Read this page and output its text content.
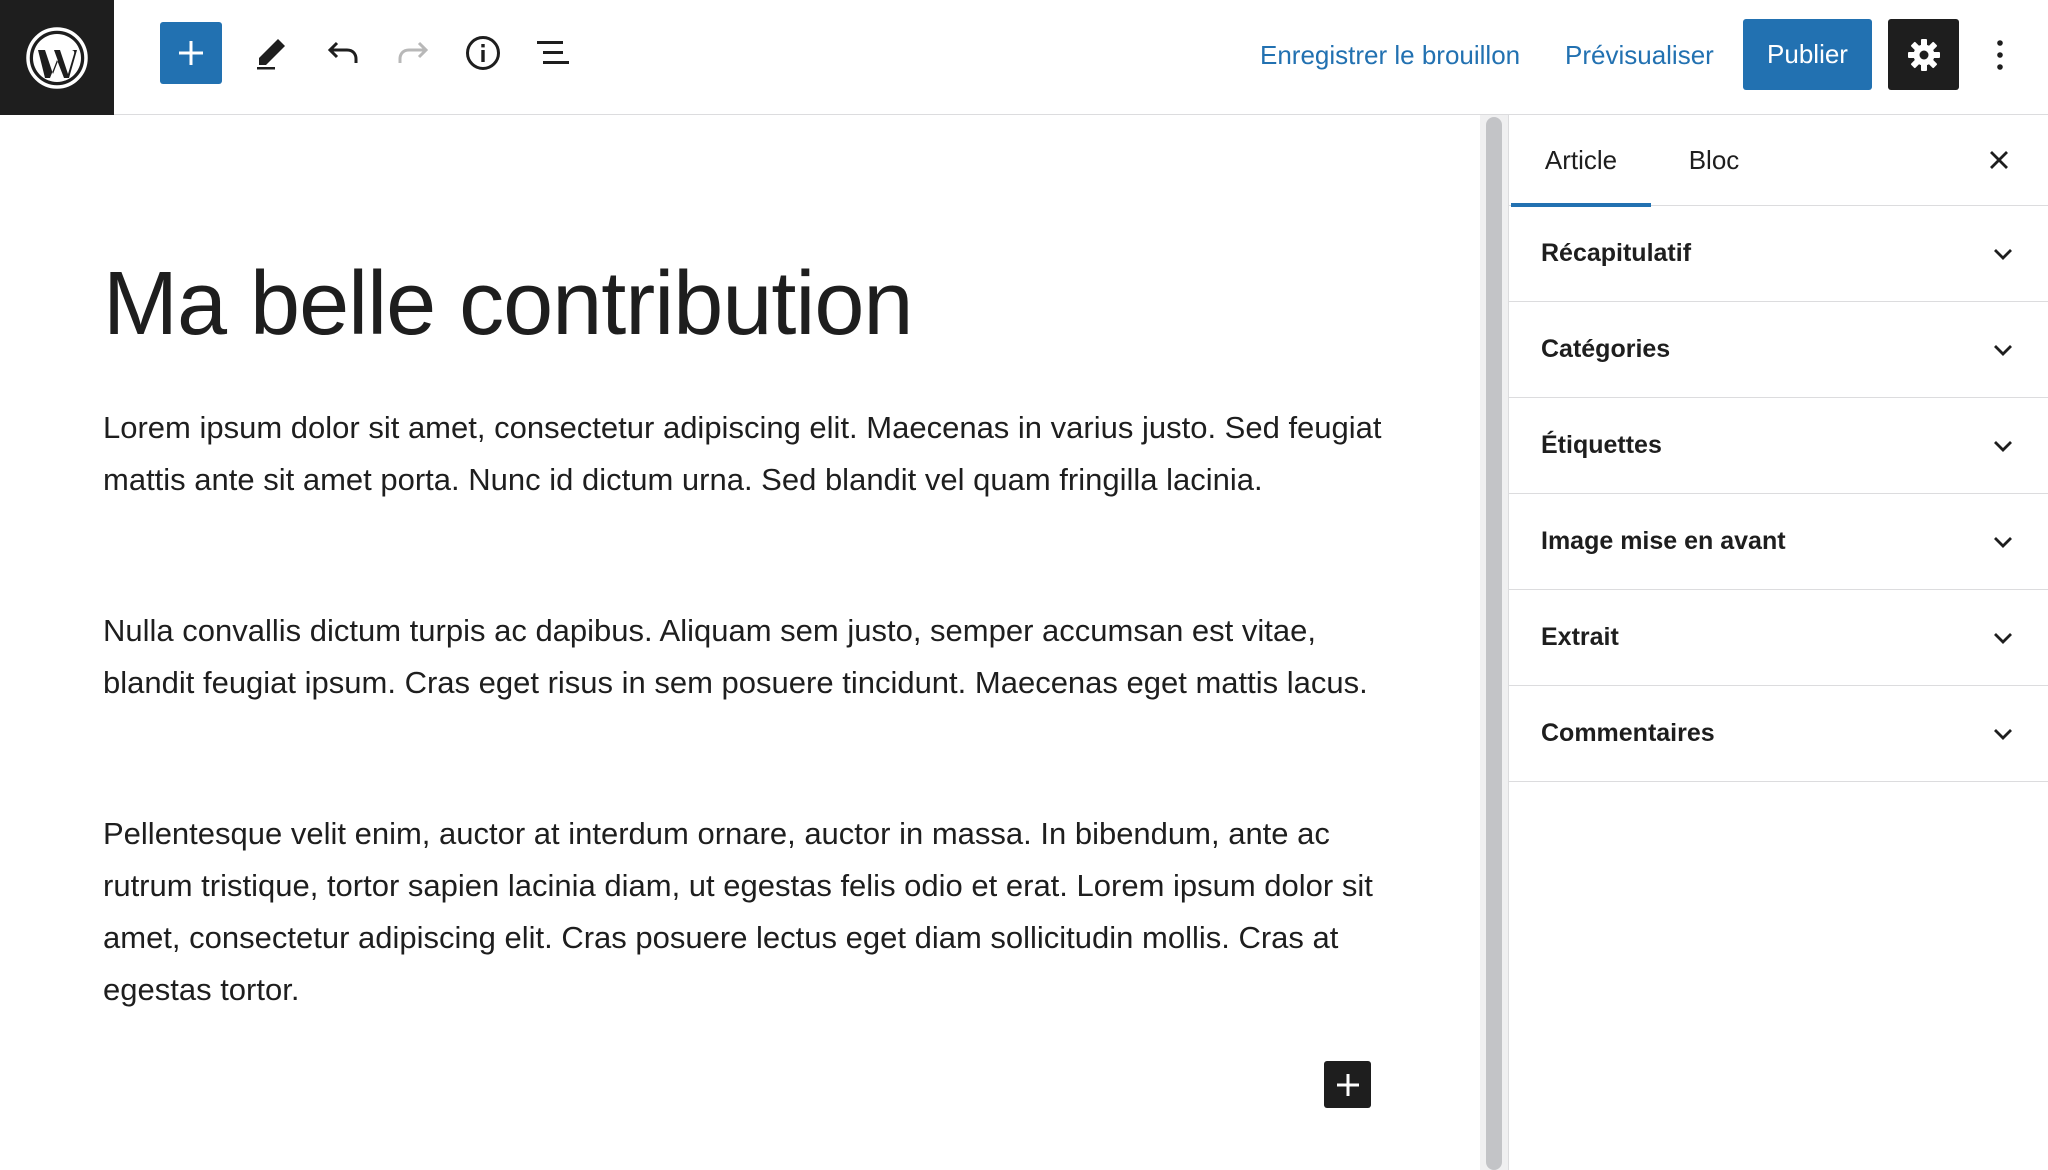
Enregistrer le brouillon Prévisualiser	Publier
Ma belle contribution

Lorem ipsum dolor sit amet, consectetur adipiscing elit. Maecenas in varius justo. Sed feugiat mattis ante sit amet porta. Nunc id dictum urna. Sed blandit vel quam fringilla lacinia.

Nulla convallis dictum turpis ac dapibus. Aliquam sem justo, semper accumsan est vitae, blandit feugiat ipsum. Cras eget risus in sem posuere tincidunt. Maecenas eget mattis lacus.

Pellentesque velit enim, auctor at interdum ornare, auctor in massa. In bibendum, ante ac rutrum tristique, tortor sapien lacinia diam, ut egestas felis odio et erat. Lorem ipsum dolor sit amet, consectetur adipiscing elit. Cras posuere lectus eget diam sollicitudin mollis. Cras at egestas tortor.

Article	Bloc
Récapitulatif
Catégories
Étiquettes
Image mise en avant
Extrait
Commentaires
